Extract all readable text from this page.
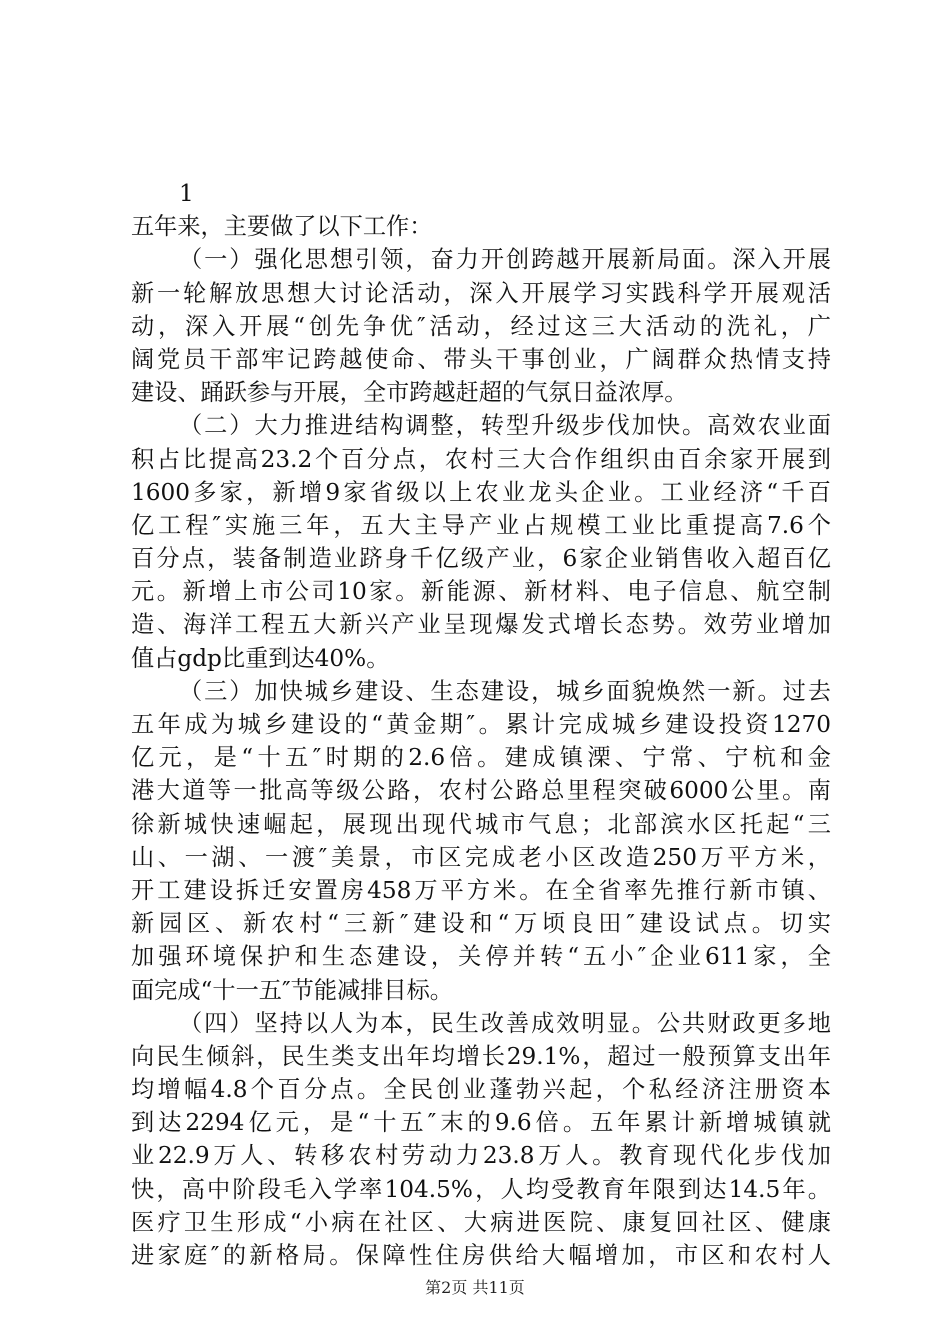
1
五年来，主要做了以下工作：
（一）强化思想引领，奋力开创跨越开展新局面。深入开展
新一轮解放思想大讨论活动，深入开展学习实践科学开展观活
动，深入开展“创先争优″活动，经过这三大活动的洗礼，广
阔党员干部牢记跨越使命、带头干事创业，广阔群众热情支持
建设、踊跃参与开展，全市跨越赶超的气氛日益浓厚。
（二）大力推进结构调整，转型升级步伐加快。高效农业面
积占比提高23.2个百分点，农村三大合作组织由百余家开展到
1600多家，新增9家省级以上农业龙头企业。工业经济“千百
亿工程″实施三年，五大主导产业占规模工业比重提高7.6个
百分点，装备制造业跻身千亿级产业，6家企业销售收入超百亿
元。新增上市公司10家。新能源、新材料、电子信息、航空制
造、海洋工程五大新兴产业呈现爆发式增长态势。效劳业增加
值占gdp比重到达40%。
（三）加快城乡建设、生态建设，城乡面貌焕然一新。过去
五年成为城乡建设的“黄金期″。累计完成城乡建设投资1270
亿元，是“十五″时期的2.6倍。建成镇溧、宁常、宁杭和金
港大道等一批高等级公路，农村公路总里程突破6000公里。南
徐新城快速崛起，展现出现代城市气息；北部滨水区托起“三
山、一湖、一渡″美景，市区完成老小区改造250万平方米，
开工建设拆迁安置房458万平方米。在全省率先推行新市镇、
新园区、新农村“三新″建设和“万顷良田″建设试点。切实
加强环境保护和生态建设，关停并转“五小″企业611家，全
面完成“十一五″节能减排目标。
（四）坚持以人为本，民生改善成效明显。公共财政更多地
向民生倾斜，民生类支出年均增长29.1%，超过一般预算支出年
均增幅4.8个百分点。全民创业蓬勃兴起，个私经济注册资本
到达2294亿元，是“十五″末的9.6倍。五年累计新增城镇就
业22.9万人、转移农村劳动力23.8万人。教育现代化步伐加
快，高中阶段毛入学率104.5%，人均受教育年限到达14.5年。
医疗卫生形成“小病在社区、大病进医院、康复回社区、健康
进家庭″的新格局。保障性住房供给大幅增加，市区和农村人
第2页 共11页
